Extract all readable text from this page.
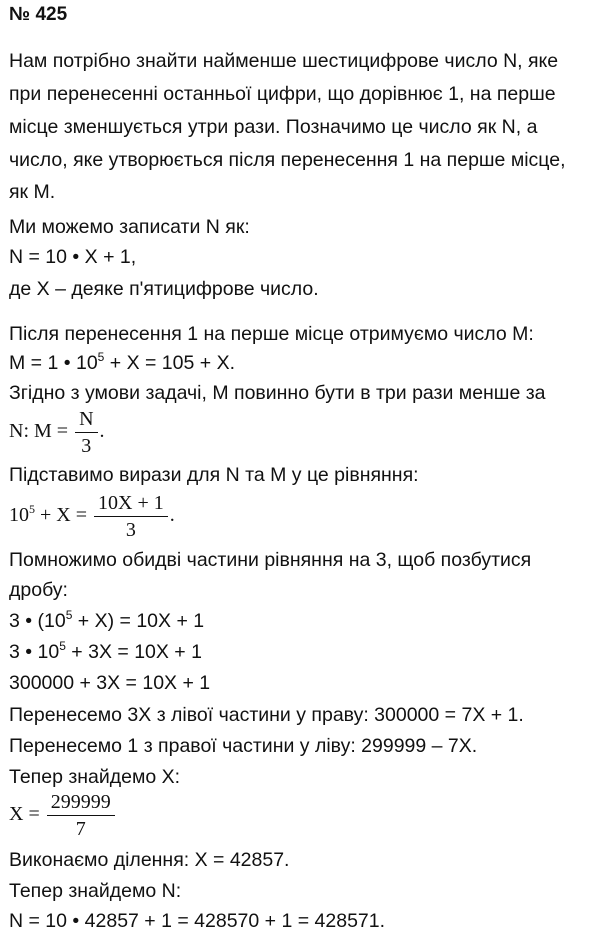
№ 425
Нам потрібно знайти найменше шестицифрове число N, яке
при перенесенні останньої цифри, що дорівнює 1, на перше
місце зменшується утри рази. Позначимо це число як N, а
число, яке утворюється після перенесення 1 на перше місце,
як M.
Ми можемо записати N як:
N = 10 • X + 1,
де X – деяке п'ятицифрове число.
Після перенесення 1 на перше місце отримуємо число M:
M = 1 • $10^5 + X = 105 + X$.
Згідно з умови задачі, M повинно бути в три рази менше за
N: $M = \frac{N}{3}$ .
Підставимо вирази для N та M у це рівняння:
$10^5 + X = \frac{10X + 1}{3}$ .
Помножимо обидві частини рівняння на 3, щоб позбутися
дробу:
3 • $(10^5 + X) = 10X + 1$
3 • $10^5 + 3X = 10X + 1$
300000 + 3X = 10X + 1
Перенесемо 3X з лівої частини у праву: 300000 = 7X + 1.
Перенесемо 1 з правої частини у ліву: 299999 – 7X.
Тепер знайдемо X:
$X = \frac{299999}{7}$
Виконаємо ділення: X = 42857.
Тепер знайдемо N:
N = 10 • 42857 + 1 = 428570 + 1 = 428571.
